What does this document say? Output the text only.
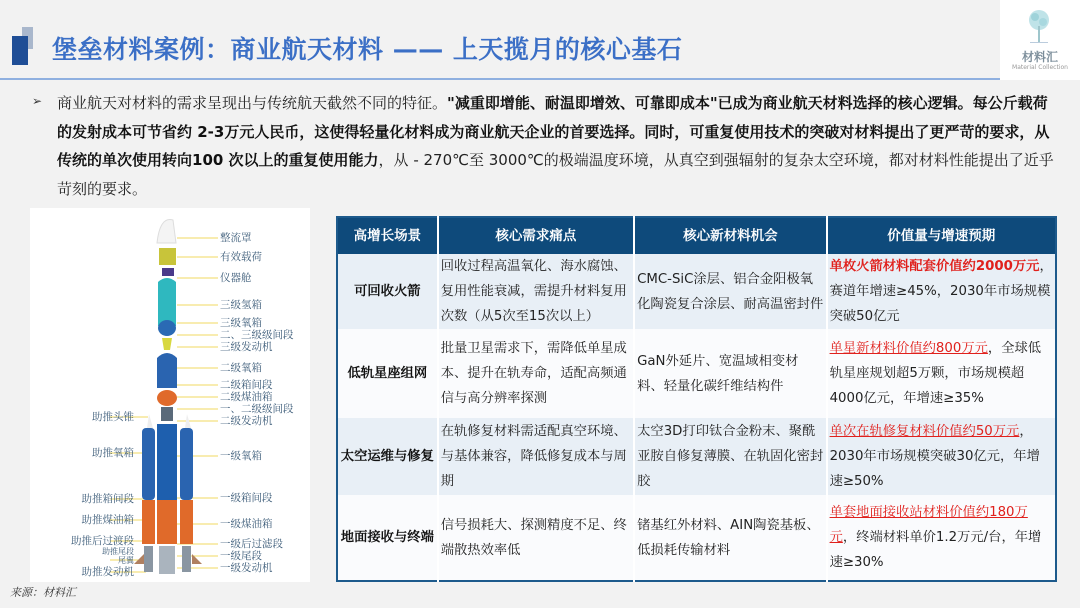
堡垒材料案例：商业航天材料 —— 上天揽月的核心基石	材料汇
Material Collection
➢ 商业航天对材料的需求呈现出与传统航天截然不同的特征。"减重即增能、耐温即增效、可靠即成本"已成为商业航天材料选择的核心逻辑。每公斤载荷的发射成本可节省约 2-3万元人民币，这使得轻量化材料成为商业航天企业的首要选择。同时，可重复使用技术的突破对材料提出了更严苛的要求，从传统的单次使用转向100 次以上的重复使用能力，从 - 270℃至 3000℃的极端温度环境，从真空到强辐射的复杂太空环境，都对材料性能提出了近乎苛刻的要求。
整流罩
有效载荷
仪器舱
三级氢箱
三级氧箱
二、三级级间段
三级发动机
二级氧箱
二级箱间段
二级煤油箱
一、二级级间段
二级发动机
一级氧箱
一级箱间段
一级煤油箱
一级后过滤段
一级尾段
一级发动机
助推头锥
助推氧箱
助推箱间段
助推煤油箱
助推后过渡段
助推尾段
尾翼
助推发动机
高增长场景	核心需求痛点	核心新材料机会	价值量与增速预期
可回收火箭	回收过程高温氧化、海水腐蚀、复用性能衰减，需提升材料复用次数（从5次至15次以上）	CMC-SiC涂层、铝合金阳极氧化陶瓷复合涂层、耐高温密封件	单枚火箭材料配套价值约2000万元，赛道年增速≥45%，2030年市场规模突破50亿元
低轨星座组网	批量卫星需求下，需降低单星成本、提升在轨寿命，适配高频通信与高分辨率探测	GaN外延片、宽温域相变材料、轻量化碳纤维结构件	单星新材料价值约800万元，全球低轨星座规划超5万颗，市场规模超4000亿元，年增速≥35%
太空运维与修复	在轨修复材料需适配真空环境、与基体兼容，降低修复成本与周期	太空3D打印钛合金粉末、聚酰亚胺自修复薄膜、在轨固化密封胶	单次在轨修复材料价值约50万元，2030年市场规模突破30亿元，年增速≥50%
地面接收与终端	信号损耗大、探测精度不足、终端散热效率低	锗基红外材料、AIN陶瓷基板、低损耗传输材料	单套地面接收站材料价值约180万元，终端材料单价1.2万元/台，年增速≥30%
来源：材料汇
